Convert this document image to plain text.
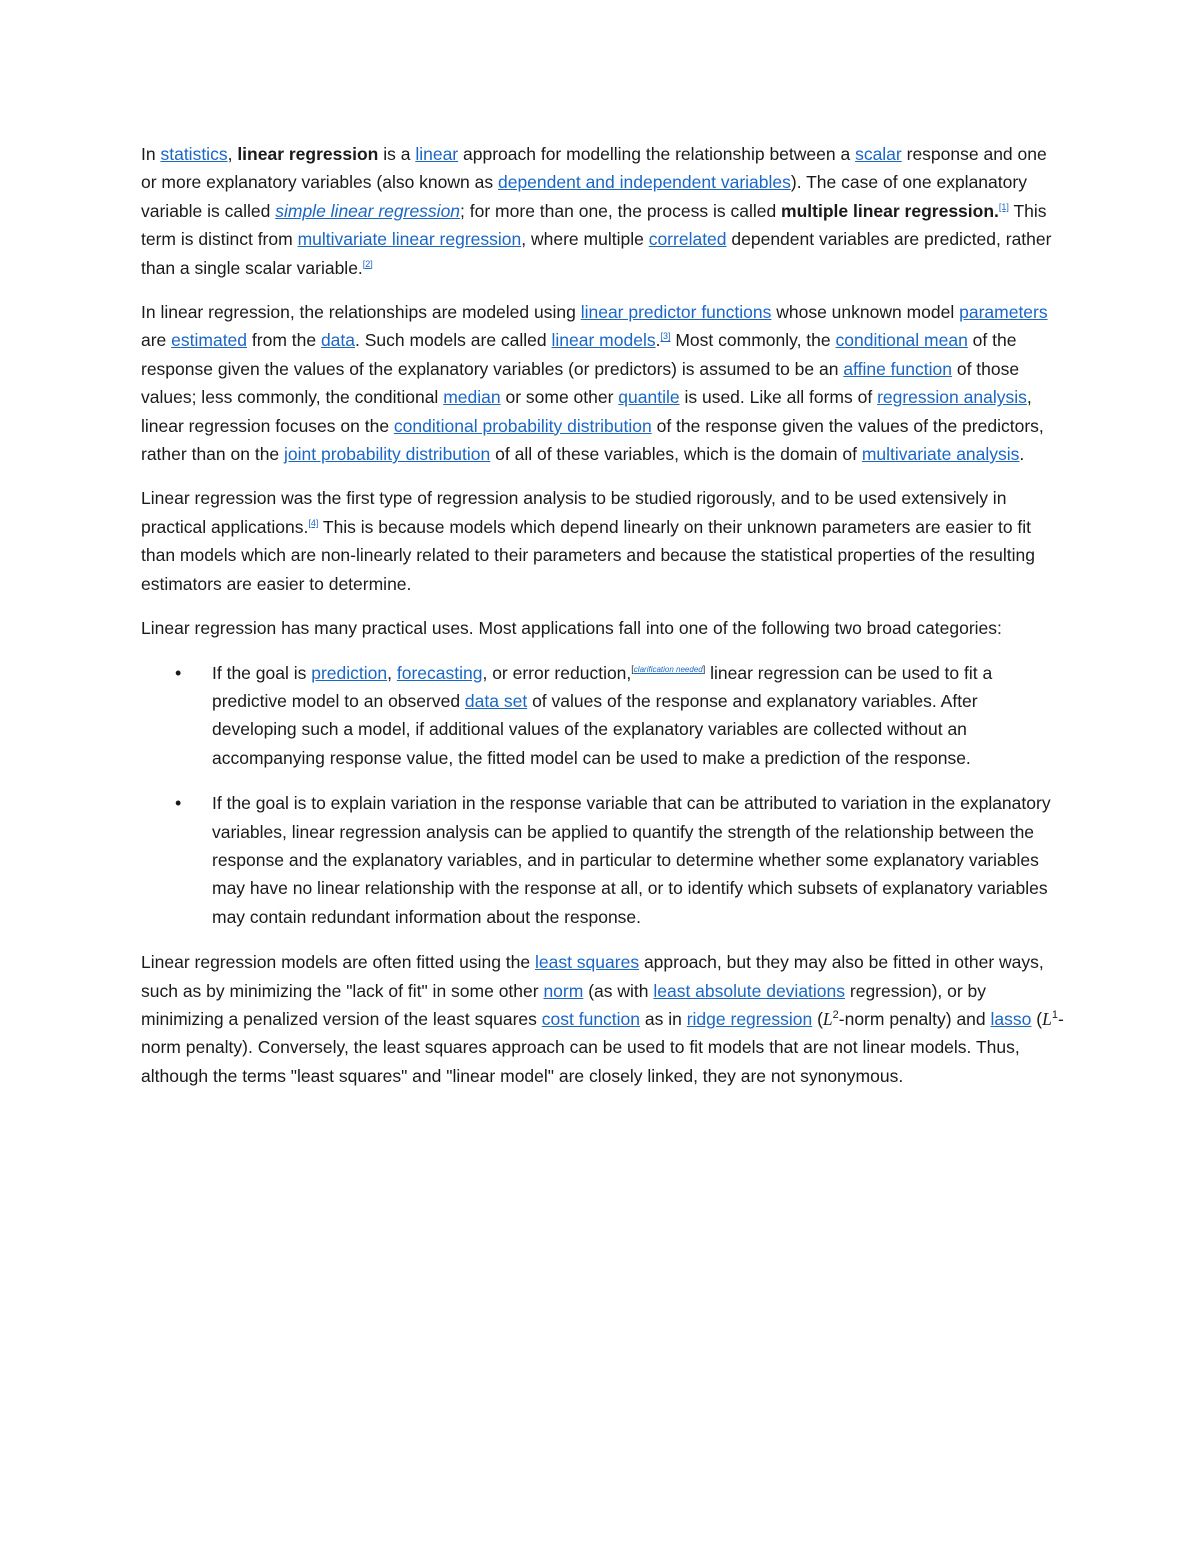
In statistics, linear regression is a linear approach for modelling the relationship between a scalar response and one or more explanatory variables (also known as dependent and independent variables). The case of one explanatory variable is called simple linear regression; for more than one, the process is called multiple linear regression.[1] This term is distinct from multivariate linear regression, where multiple correlated dependent variables are predicted, rather than a single scalar variable.[2]

In linear regression, the relationships are modeled using linear predictor functions whose unknown model parameters are estimated from the data. Such models are called linear models.[3] Most commonly, the conditional mean of the response given the values of the explanatory variables (or predictors) is assumed to be an affine function of those values; less commonly, the conditional median or some other quantile is used. Like all forms of regression analysis, linear regression focuses on the conditional probability distribution of the response given the values of the predictors, rather than on the joint probability distribution of all of these variables, which is the domain of multivariate analysis.

Linear regression was the first type of regression analysis to be studied rigorously, and to be used extensively in practical applications.[4] This is because models which depend linearly on their unknown parameters are easier to fit than models which are non-linearly related to their parameters and because the statistical properties of the resulting estimators are easier to determine.

Linear regression has many practical uses. Most applications fall into one of the following two broad categories:

• If the goal is prediction, forecasting, or error reduction,[clarification needed] linear regression can be used to fit a predictive model to an observed data set of values of the response and explanatory variables. After developing such a model, if additional values of the explanatory variables are collected without an accompanying response value, the fitted model can be used to make a prediction of the response.
• If the goal is to explain variation in the response variable that can be attributed to variation in the explanatory variables, linear regression analysis can be applied to quantify the strength of the relationship between the response and the explanatory variables, and in particular to determine whether some explanatory variables may have no linear relationship with the response at all, or to identify which subsets of explanatory variables may contain redundant information about the response.

Linear regression models are often fitted using the least squares approach, but they may also be fitted in other ways, such as by minimizing the "lack of fit" in some other norm (as with least absolute deviations regression), or by minimizing a penalized version of the least squares cost function as in ridge regression ($L^2$-norm penalty) and lasso ($L^1$-norm penalty). Conversely, the least squares approach can be used to fit models that are not linear models. Thus, although the terms "least squares" and "linear model" are closely linked, they are not synonymous.
